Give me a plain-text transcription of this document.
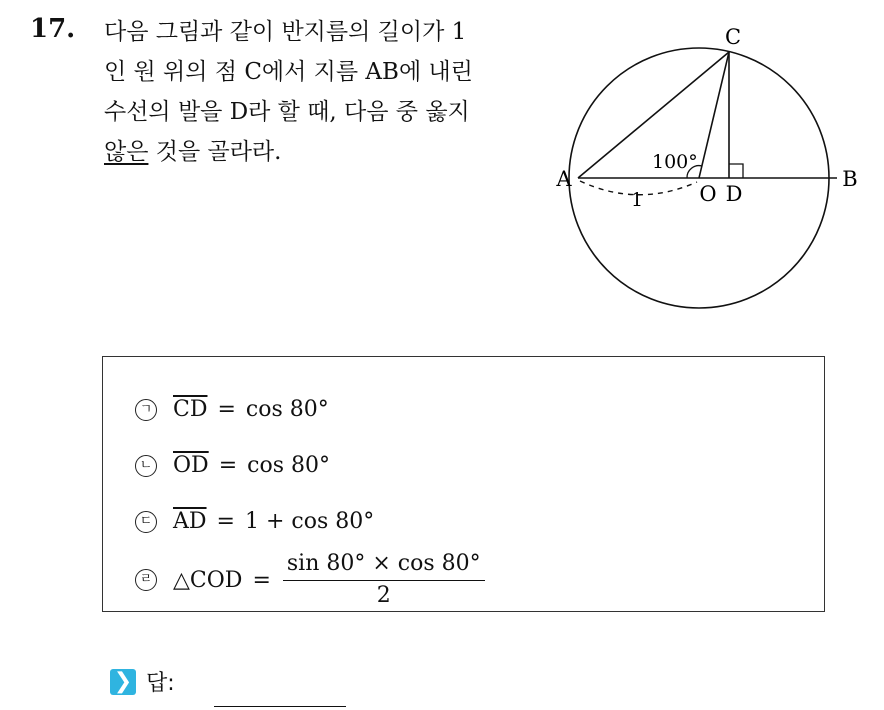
17. 다음 그림과 같이 반지름의 길이가 1
인 원 위의 점 C에서 지름 AB에 내린
수선의 발을 D라 할 때, 다음 중 옳지
않은 것을 골라라.

C
A	B
O D
100°
1
ㄱ $\overline{CD} = \cos 80^\circ$
ㄴ $\overline{OD} = \cos 80^\circ$
ㄷ $\overline{AD} = 1 + \cos 80^\circ$
ㄹ △COD = $\frac{\sin 80^\circ \times \cos 80^\circ}{2}$
❯ 답:
